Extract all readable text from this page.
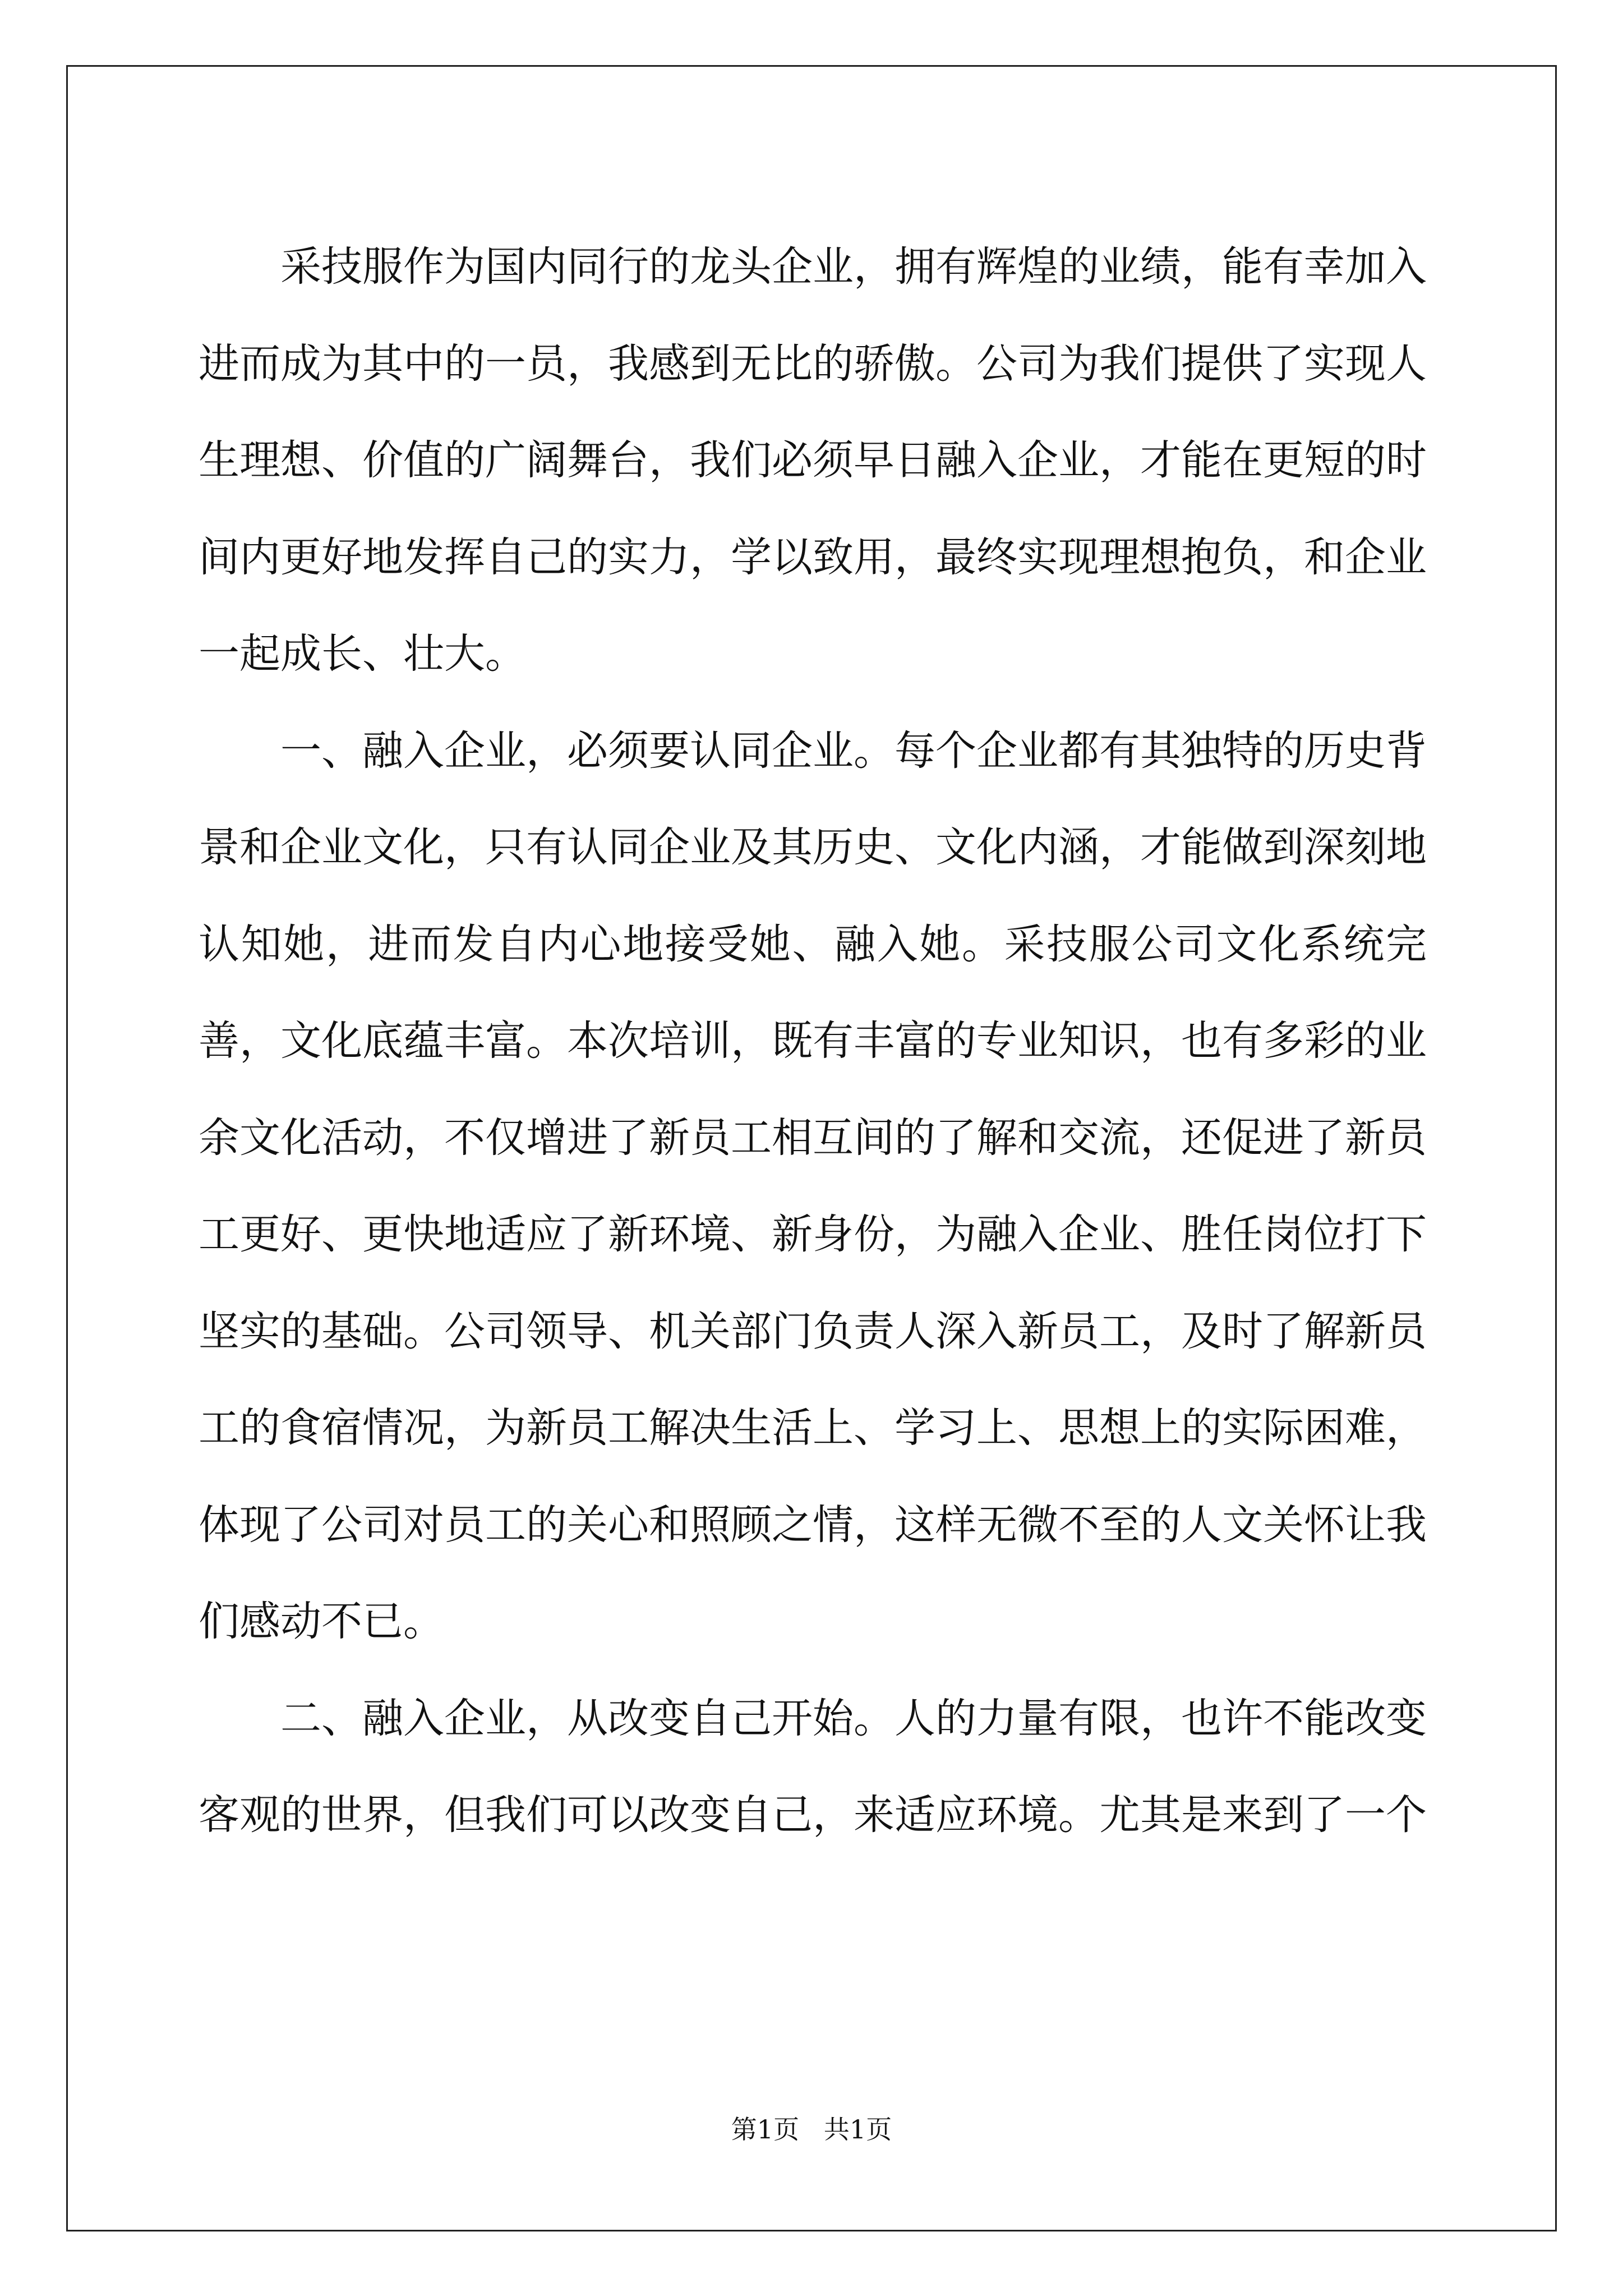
采技服作为国内同行的龙头企业，拥有辉煌的业绩，能有幸加入进而成为其中的一员，我感到无比的骄傲。公司为我们提供了实现人生理想、价值的广阔舞台，我们必须早日融入企业，才能在更短的时间内更好地发挥自己的实力，学以致用，最终实现理想抱负，和企业一起成长、壮大。

一、融入企业，必须要认同企业。每个企业都有其独特的历史背景和企业文化，只有认同企业及其历史、文化内涵，才能做到深刻地认知她，进而发自内心地接受她、融入她。采技服公司文化系统完善，文化底蕴丰富。本次培训，既有丰富的专业知识，也有多彩的业余文化活动，不仅增进了新员工相互间的了解和交流，还促进了新员工更好、更快地适应了新环境、新身份，为融入企业、胜任岗位打下坚实的基础。公司领导、机关部门负责人深入新员工，及时了解新员工的食宿情况，为新员工解决生活上、学习上、思想上的实际困难，体现了公司对员工的关心和照顾之情，这样无微不至的人文关怀让我们感动不已。

二、融入企业，从改变自己开始。人的力量有限，也许不能改变客观的世界，但我们可以改变自己，来适应环境。尤其是来到了一个

第1页   共1页
